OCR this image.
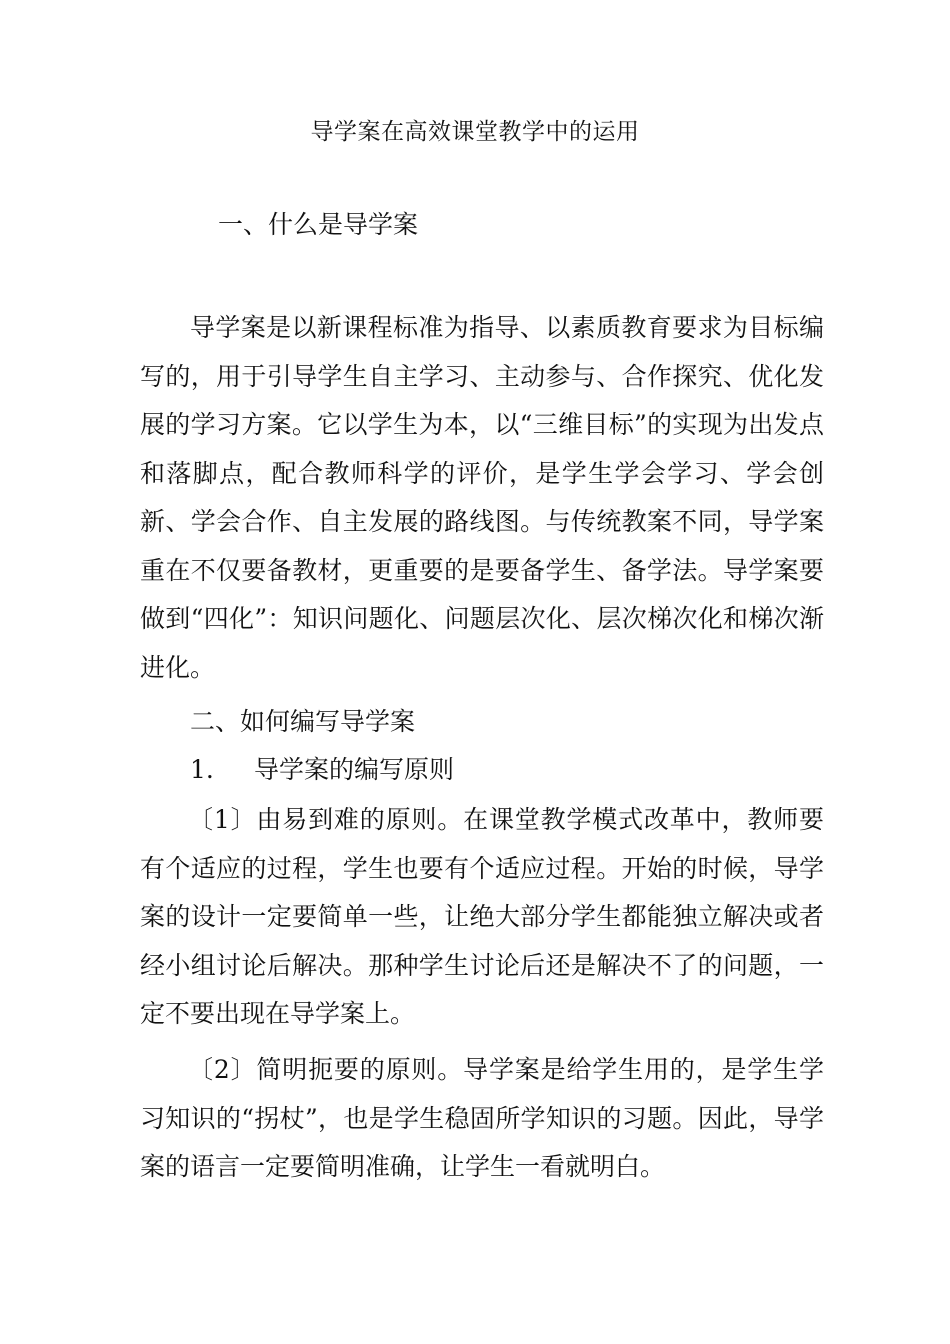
导学案在高效课堂教学中的运用
一、什么是导学案

导学案是以新课程标准为指导、以素质教育要求为目标编写的，用于引导学生自主学习、主动参与、合作探究、优化发展的学习方案。它以学生为本，以“三维目标”的实现为出发点和落脚点，配合教师科学的评价，是学生学会学习、学会创新、学会合作、自主发展的路线图。与传统教案不同，导学案重在不仅要备教材，更重要的是要备学生、备学法。导学案要做到“四化”：知识问题化、问题层次化、层次梯次化和梯次渐进化。

二、如何编写导学案
1. 导学案的编写原则

〔1〕由易到难的原则。在课堂教学模式改革中，教师要有个适应的过程，学生也要有个适应过程。开始的时候，导学案的设计一定要简单一些，让绝大部分学生都能独立解决或者经小组讨论后解决。那种学生讨论后还是解决不了的问题，一定不要出现在导学案上。

〔2〕简明扼要的原则。导学案是给学生用的，是学生学习知识的“拐杖”，也是学生稳固所学知识的习题。因此，导学案的语言一定要简明准确，让学生一看就明白。
